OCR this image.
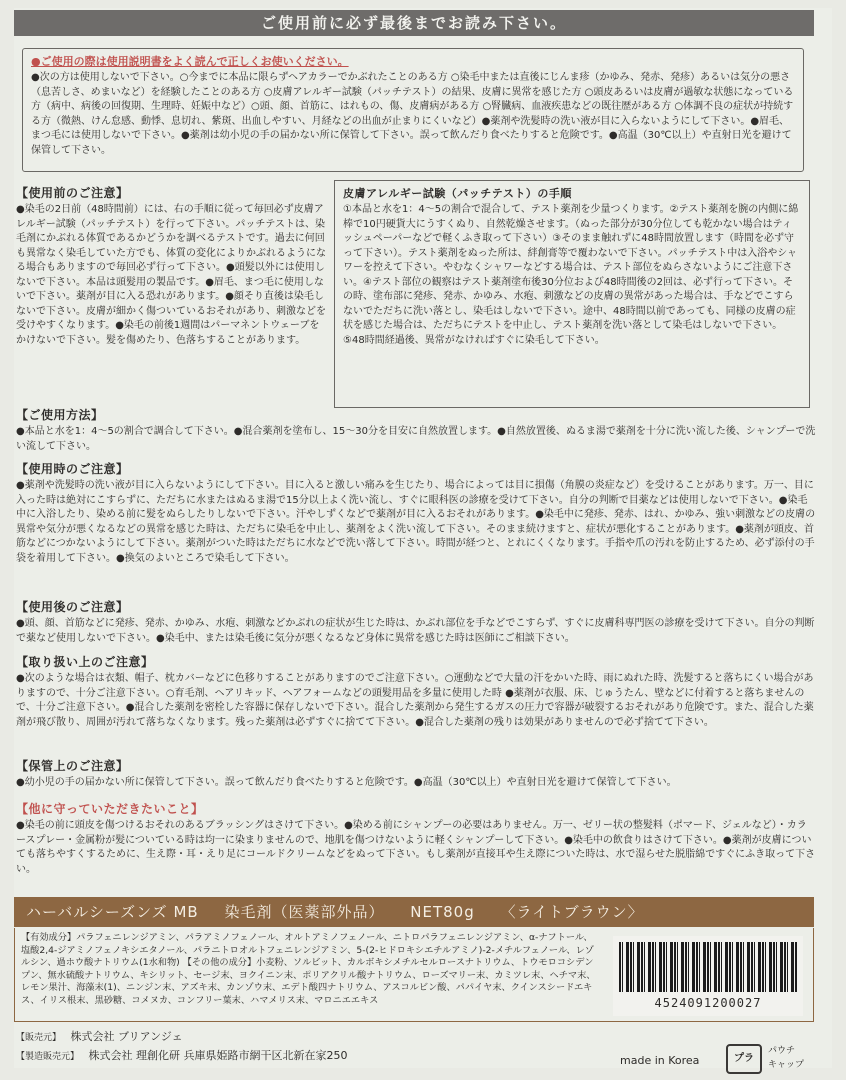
ご使用前に必ず最後までお読み下さい。
●ご使用の際は使用説明書をよく読んで正しくお使いください。
●次の方は使用しないで下さい。○今までに本品に限らずヘアカラーでかぶれたことのある方 ○染毛中または直後にじんま疹（かゆみ、発赤、発疹）あるいは気分の悪さ（息苦しさ、めまいなど）を経験したことのある方 ○皮膚アレルギー試験（パッチテスト）の結果、皮膚に異常を感じた方 ○頭皮あるいは皮膚が過敏な状態になっている方（病中、病後の回復期、生理時、妊娠中など）○頭、顔、首筋に、はれもの、傷、皮膚病がある方 ○腎臓病、血液疾患などの既往歴がある方 ○体調不良の症状が持続する方（微熱、けん怠感、動悸、息切れ、紫斑、出血しやすい、月経などの出血が止まりにくいなど）●薬剤や洗髪時の洗い液が目に入らないようにして下さい。●眉毛、まつ毛には使用しないで下さい。●薬剤は幼小児の手の届かない所に保管して下さい。誤って飲んだり食べたりすると危険です。●高温（30℃以上）や直射日光を避けて保管して下さい。
【使用前のご注意】
●染毛の2日前（48時間前）には、右の手順に従って毎回必ず皮膚アレルギー試験（パッチテスト）を行って下さい。パッチテストは、染毛剤にかぶれる体質であるかどうかを調べるテストです。過去に何回も異常なく染毛していた方でも、体質の変化によりかぶれるようになる場合もありますので毎回必ず行って下さい。●頭髪以外には使用しないで下さい。本品は頭髪用の製品です。●眉毛、まつ毛に使用しないで下さい。薬剤が目に入る恐れがあります。●顔そり直後は染毛しないで下さい。皮膚が細かく傷ついているおそれがあり、刺激などを受けやすくなります。●染毛の前後1週間はパーマネントウェーブをかけないで下さい。髪を傷めたり、色落ちすることがあります。
皮膚アレルギー試験（パッチテスト）の手順
①本品と水を1：4～5の割合で混合して、テスト薬剤を少量つくります。②テスト薬剤を腕の内側に綿棒で10円硬貨大にうすくぬり、自然乾燥させます。（ぬった部分が30分位しても乾かない場合はティッシュペーパーなどで軽くふき取って下さい）③そのまま触れずに48時間放置します（時間を必ず守って下さい）。テスト薬剤をぬった所は、絆創膏等で覆わないで下さい。パッチテスト中は入浴やシャワーを控えて下さい。やむなくシャワーなどする場合は、テスト部位をぬらさないようにご注意下さい。④テスト部位の観察はテスト薬剤塗布後30分位および48時間後の2回は、必ず行って下さい。その時、塗布部に発疹、発赤、かゆみ、水疱、刺激などの皮膚の異常があった場合は、手などでこすらないでただちに洗い落とし、染毛はしないで下さい。途中、48時間以前であっても、同様の皮膚の症状を感じた場合は、ただちにテストを中止し、テスト薬剤を洗い落として染毛はしないで下さい。⑤48時間経過後、異常がなければすぐに染毛して下さい。
【ご使用方法】
●本品と水を1：4～5の割合で調合して下さい。●混合薬剤を塗布し、15～30分を目安に自然放置します。●自然放置後、ぬるま湯で薬剤を十分に洗い流した後、シャンプーで洗い流して下さい。
【使用時のご注意】
●薬剤や洗髪時の洗い液が目に入らないようにして下さい。目に入ると激しい痛みを生じたり、場合によっては目に損傷（角膜の炎症など）を受けることがあります。万一、目に入った時は絶対にこすらずに、ただちに水またはぬるま湯で15分以上よく洗い流し、すぐに眼科医の診療を受けて下さい。自分の判断で目薬などは使用しないで下さい。●染毛中に入浴したり、染める前に髪をぬらしたりしないで下さい。汗やしずくなどで薬剤が目に入るおそれがあります。●染毛中に発疹、発赤、はれ、かゆみ、強い刺激などの皮膚の異常や気分が悪くなるなどの異常を感じた時は、ただちに染毛を中止し、薬剤をよく洗い流して下さい。そのまま続けますと、症状が悪化することがあります。●薬剤が頭皮、首筋などにつかないようにして下さい。薬剤がついた時はただちに水などで洗い落して下さい。時間が経つと、とれにくくなります。手指や爪の汚れを防止するため、必ず添付の手袋を着用して下さい。●換気のよいところで染毛して下さい。
【使用後のご注意】
●頭、顔、首筋などに発疹、発赤、かゆみ、水疱、刺激などかぶれの症状が生じた時は、かぶれ部位を手などでこすらず、すぐに皮膚科専門医の診療を受けて下さい。自分の判断で薬など使用しないで下さい。●染毛中、または染毛後に気分が悪くなるなど身体に異常を感じた時は医師にご相談下さい。
【取り扱い上のご注意】
●次のような場合は衣類、帽子、枕カバーなどに色移りすることがありますのでご注意下さい。○運動などで大量の汗をかいた時、雨にぬれた時、洗髪すると落ちにくい場合がありますので、十分ご注意下さい。○育毛剤、ヘアリキッド、ヘアフォームなどの頭髪用品を多量に使用した時 ●薬剤が衣服、床、じゅうたん、壁などに付着すると落ちませんので、十分ご注意下さい。●混合した薬剤を密栓した容器に保存しないで下さい。混合した薬剤から発生するガスの圧力で容器が破裂するおそれがあり危険です。また、混合した薬剤が飛び散り、周囲が汚れて落ちなくなります。残った薬剤は必ずすぐに捨てて下さい。●混合した薬剤の残りは効果がありませんので必ず捨てて下さい。
【保管上のご注意】
●幼小児の手の届かない所に保管して下さい。誤って飲んだり食べたりすると危険です。●高温（30℃以上）や直射日光を避けて保管して下さい。
【他に守っていただきたいこと】
●染毛の前に頭皮を傷つけるおそれのあるブラッシングはさけて下さい。●染める前にシャンプーの必要はありません。万一、ゼリー状の整髪料（ポマード、ジェルなど）・カラースプレー・金属粉が髪についている時は均一に染まりませんので、地肌を傷つけないように軽くシャンプーして下さい。●染毛中の飲食りはさけて下さい。●薬剤が皮膚についても落ちやすくするために、生え際・耳・えり足にコールドクリームなどをぬって下さい。もし薬剤が直接耳や生え際についた時は、水で湿らせた脱脂綿ですぐにふき取って下さい。
ハーバルシーズンズ MB 染毛剤（医薬部外品） NET80g 〈ライトブラウン〉
【有効成分】パラフェニレンジアミン、パラアミノフェノール、オルトアミノフェノール、ニトロパラフェニレンジアミン、α-ナフトール、塩酸2,4-ジアミノフェノキシエタノール、パラニトロオルトフェニレンジアミン、5-(2-ヒドロキシエチルアミノ)-2-メチルフェノール、レゾルシン、過ホウ酸ナトリウム(1水和物) 【その他の成分】小麦粉、ソルビット、カルボキシメチルセルロースナトリウム、トウモロコシデンプン、無水硫酸ナトリウム、キシリット、セージ末、ヨクイニン末、ポリアクリル酸ナトリウム、ローズマリー末、カミツレ末、ヘチマ末、レモン果汁、海藻末(1)、ニンジン末、アズキ末、カンゾウ末、エデト酸四ナトリウム、アスコルビン酸、パパイヤ末、クインスシードエキス、イリス根末、黒砂糖、コメヌカ、コンフリー葉末、ハマメリス末、マロニエエキス	4524091200027
【販売元】 株式会社 ブリアンジェ
【製造販売元】 株式会社 理創化研 兵庫県姫路市網干区北新在家250	made in Korea	プラ
パウチ
キャップ
